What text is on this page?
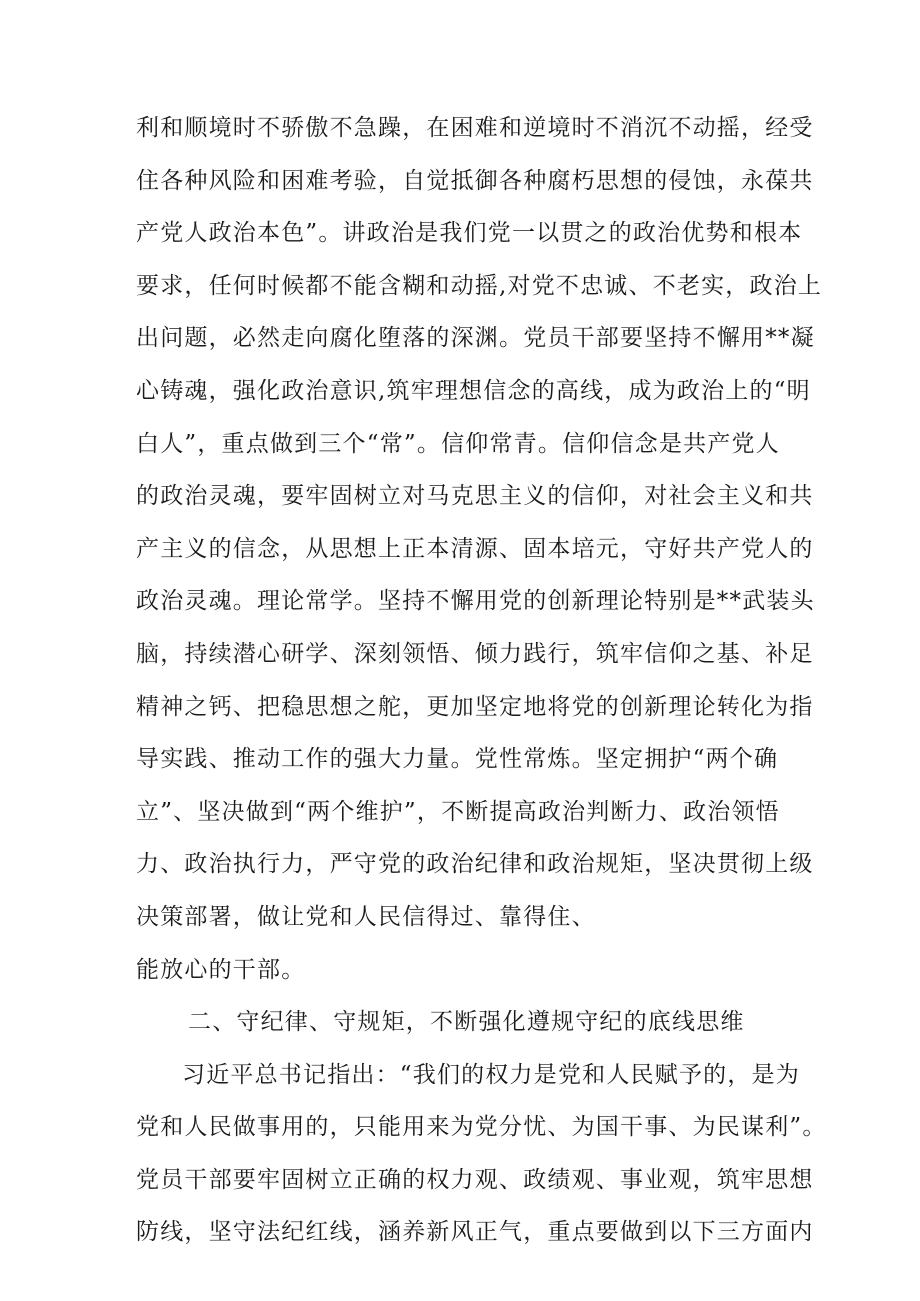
利和顺境时不骄傲不急躁，在困难和逆境时不消沉不动摇，经受
住各种风险和困难考验，自觉抵御各种腐朽思想的侵蚀，永葆共
产党人政治本色”。讲政治是我们党一以贯之的政治优势和根本
要求，任何时候都不能含糊和动摇,对党不忠诚、不老实，政治上
出问题，必然走向腐化堕落的深渊。党员干部要坚持不懈用**凝
心铸魂，强化政治意识,筑牢理想信念的高线，成为政治上的“明
白人”，重点做到三个“常”。信仰常青。信仰信念是共产党人
的政治灵魂，要牢固树立对马克思主义的信仰，对社会主义和共
产主义的信念，从思想上正本清源、固本培元，守好共产党人的
政治灵魂。理论常学。坚持不懈用党的创新理论特别是**武装头
脑，持续潜心研学、深刻领悟、倾力践行，筑牢信仰之基、补足
精神之钙、把稳思想之舵，更加坚定地将党的创新理论转化为指
导实践、推动工作的强大力量。党性常炼。坚定拥护“两个确
立”、坚决做到“两个维护”，不断提高政治判断力、政治领悟
力、政治执行力，严守党的政治纪律和政治规矩，坚决贯彻上级
决策部署，做让党和人民信得过、靠得住、
能放心的干部。
二、守纪律、守规矩，不断强化遵规守纪的底线思维
习近平总书记指出：“我们的权力是党和人民赋予的，是为
党和人民做事用的，只能用来为党分忧、为国干事、为民谋利”。
党员干部要牢固树立正确的权力观、政绩观、事业观，筑牢思想
防线，坚守法纪红线，涵养新风正气，重点要做到以下三方面内
